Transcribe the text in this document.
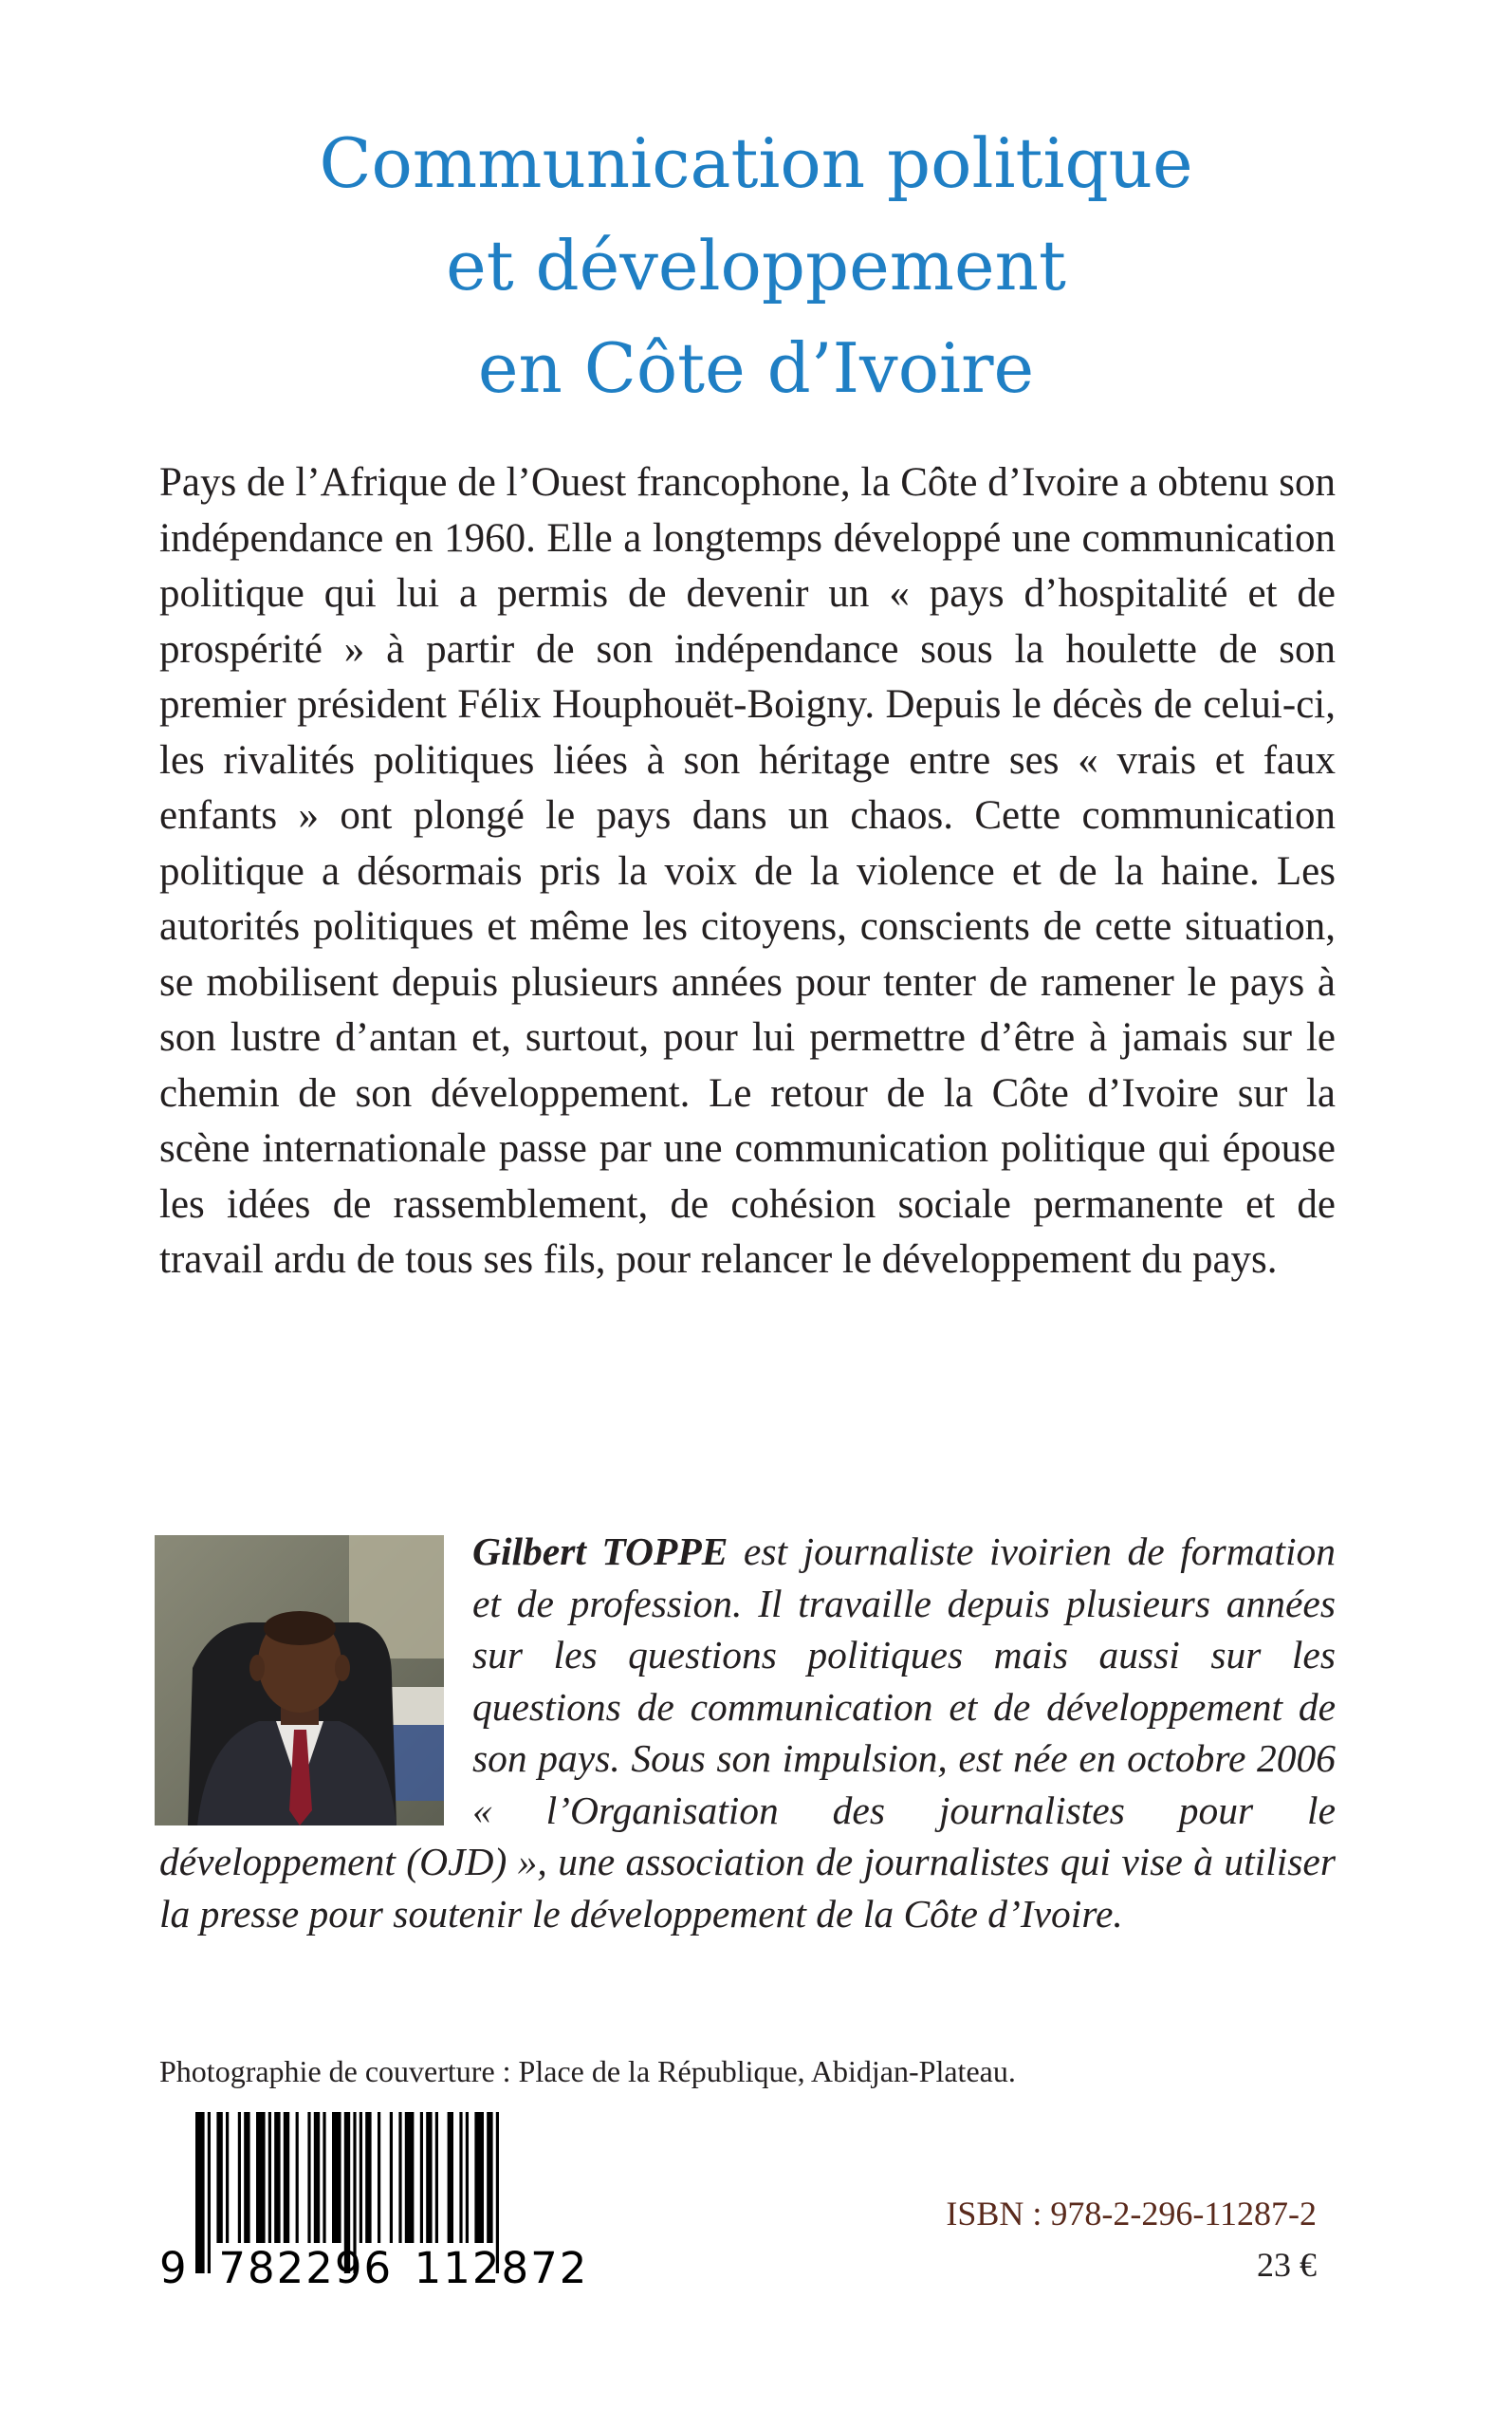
Communication politique
et développement
en Côte d’Ivoire

Pays de l’Afrique de l’Ouest francophone, la Côte d’Ivoire a obtenu son indépendance en 1960. Elle a longtemps développé une communication politique qui lui a permis de devenir un « pays d’hospitalité et de prospérité » à partir de son indépendance sous la houlette de son premier président Félix Houphouët-Boigny. Depuis le décès de celui-ci, les rivalités politiques liées à son héritage entre ses « vrais et faux enfants » ont plongé le pays dans un chaos. Cette communication politique a désormais pris la voix de la violence et de la haine. Les autorités politiques et même les citoyens, conscients de cette situation, se mobilisent depuis plusieurs années pour tenter de ramener le pays à son lustre d’antan et, surtout, pour lui permettre d’être à jamais sur le chemin de son développement. Le retour de la Côte d’Ivoire sur la scène internationale passe par une communication politique qui épouse les idées de rassemblement, de cohésion sociale permanente et de travail ardu de tous ses fils, pour relancer le développement du pays.

Gilbert TOPPE est journaliste ivoirien de formation et de profession. Il travaille depuis plusieurs années sur les questions politiques mais aussi sur les questions de communication et de développement de son pays. Sous son impulsion, est née en octobre 2006 « l’Organisation des journalistes pour le développement (OJD) », une association de journalistes qui vise à utiliser la presse pour soutenir le développement de la Côte d’Ivoire.

Photographie de couverture : Place de la République, Abidjan-Plateau.

9 782296 112872
ISBN : 978-2-296-11287-2
23 €
